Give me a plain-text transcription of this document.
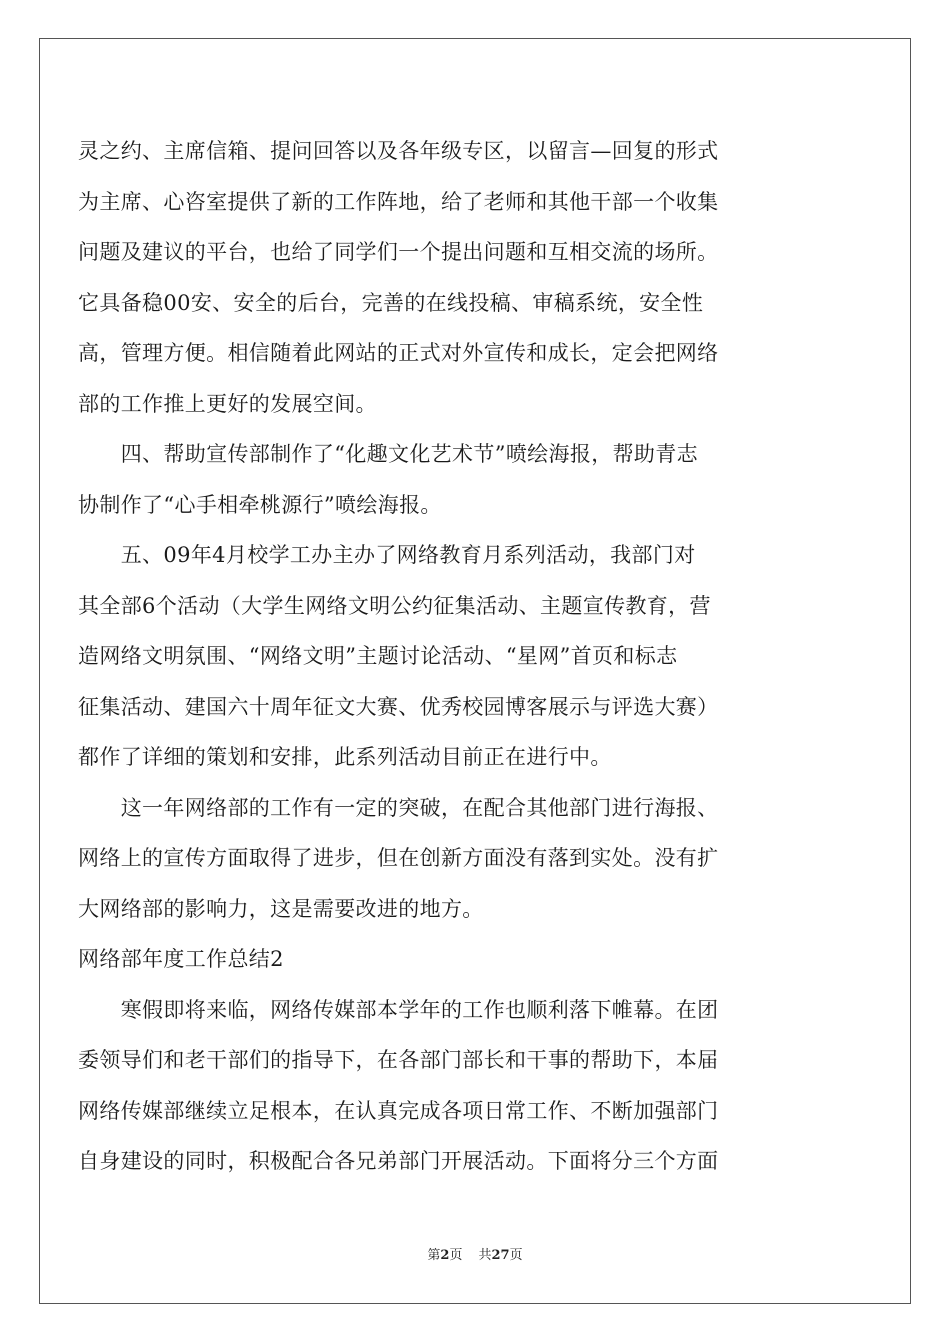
灵之约、主席信箱、提问回答以及各年级专区，以留言—回复的形式
为主席、心咨室提供了新的工作阵地，给了老师和其他干部一个收集
问题及建议的平台，也给了同学们一个提出问题和互相交流的场所。
它具备稳00安、安全的后台，完善的在线投稿、审稿系统，安全性
高，管理方便。相信随着此网站的正式对外宣传和成长，定会把网络
部的工作推上更好的发展空间。
　　四、帮助宣传部制作了“化趣文化艺术节”喷绘海报，帮助青志
协制作了“心手相牵桃源行”喷绘海报。
　　五、09年4月校学工办主办了网络教育月系列活动，我部门对
其全部6个活动（大学生网络文明公约征集活动、主题宣传教育，营
造网络文明氛围、“网络文明”主题讨论活动、“星网”首页和标志
征集活动、建国六十周年征文大赛、优秀校园博客展示与评选大赛）
都作了详细的策划和安排，此系列活动目前正在进行中。
　　这一年网络部的工作有一定的突破，在配合其他部门进行海报、
网络上的宣传方面取得了进步，但在创新方面没有落到实处。没有扩
大网络部的影响力，这是需要改进的地方。
网络部年度工作总结2
　　寒假即将来临，网络传媒部本学年的工作也顺利落下帷幕。在团
委领导们和老干部们的指导下，在各部门部长和干事的帮助下，本届
网络传媒部继续立足根本，在认真完成各项日常工作、不断加强部门
自身建设的同时，积极配合各兄弟部门开展活动。下面将分三个方面
第2页 共27页
